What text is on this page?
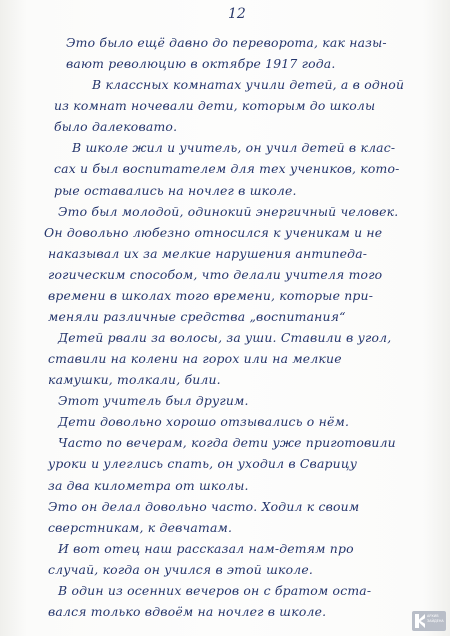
12
Это было ещё давно до переворота, как назы-
вают революцию в октябре 1917 года.
В классных комнатах учили детей, а в одной
из комнат ночевали дети, которым до школы
было далековато.
В школе жил и учитель, он учил детей в клас-
сах и был воспитателем для тех учеников, кото-
рые оставались на ночлег в школе.
Это был молодой, одинокий энергичный человек.
Он довольно любезно относился к ученикам и не
наказывал их за мелкие нарушения антипеда-
гогическим способом, что делали учителя того
времени в школах того времени, которые при-
меняли различные средства „воспитания“
Детей рвали за волосы, за уши. Ставили в угол,
ставили на колени на горох или на мелкие
камушки, толкали, били.
Этот учитель был другим.
Дети довольно хорошо отзывались о нём.
Часто по вечерам, когда дети уже приготовили
уроки и улеглись спать, он уходил в Сварицу
за два километра от школы.
Это он делал довольно часто. Ходил к своим
сверстникам, к девчатам.
И вот отец наш рассказал нам-детям про
случай, когда он учился в этой школе.
В один из осенних вечеров он с братом оста-
вался только вдвоём на ночлег в школе.	АРХИВ ЗАЙДЕНА
